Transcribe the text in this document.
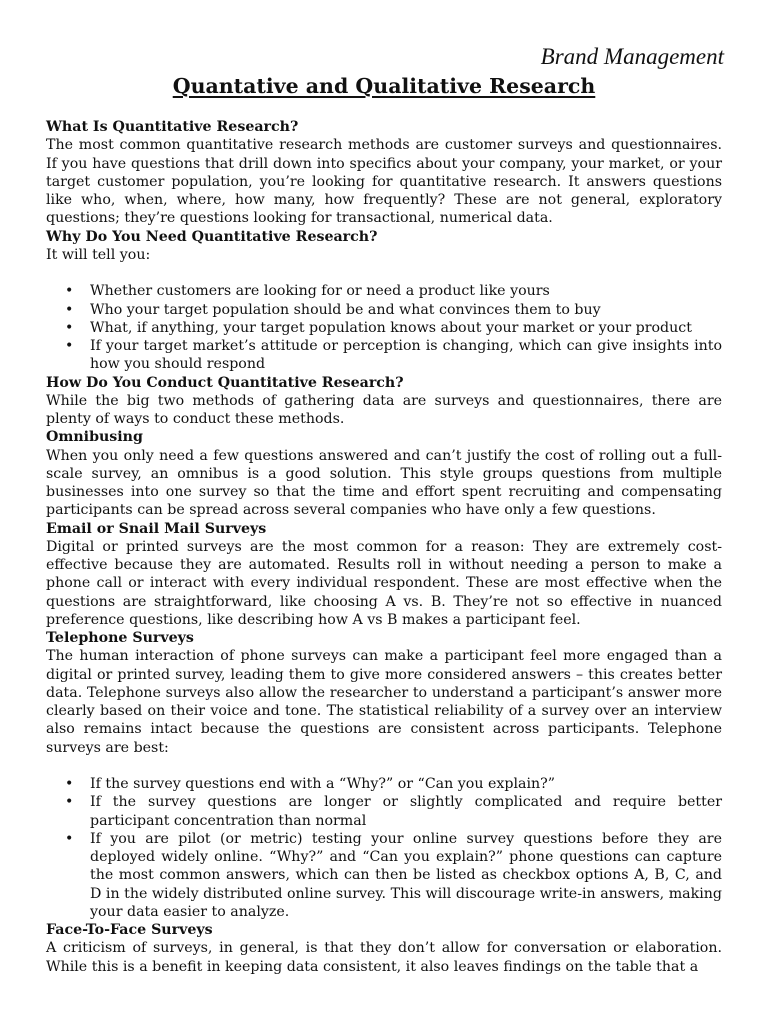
Brand Management
Quantative and Qualitative Research
What Is Quantitative Research?

The most common quantitative research methods are customer surveys and questionnaires. If you have questions that drill down into specifics about your company, your market, or your target customer population, you’re looking for quantitative research. It answers questions like who, when, where, how many, how frequently? These are not general, exploratory questions; they’re questions looking for transactional, numerical data.

Why Do You Need Quantitative Research?

It will tell you:

• Whether customers are looking for or need a product like yours
• Who your target population should be and what convinces them to buy
• What, if anything, your target population knows about your market or your product
• If your target market’s attitude or perception is changing, which can give insights into how you should respond
How Do You Conduct Quantitative Research?

While the big two methods of gathering data are surveys and questionnaires, there are plenty of ways to conduct these methods.

Omnibusing

When you only need a few questions answered and can’t justify the cost of rolling out a full-scale survey, an omnibus is a good solution. This style groups questions from multiple businesses into one survey so that the time and effort spent recruiting and compensating participants can be spread across several companies who have only a few questions.

Email or Snail Mail Surveys

Digital or printed surveys are the most common for a reason: They are extremely cost-effective because they are automated. Results roll in without needing a person to make a phone call or interact with every individual respondent. These are most effective when the questions are straightforward, like choosing A vs. B. They’re not so effective in nuanced preference questions, like describing how A vs B makes a participant feel.

Telephone Surveys

The human interaction of phone surveys can make a participant feel more engaged than a digital or printed survey, leading them to give more considered answers – this creates better data. Telephone surveys also allow the researcher to understand a participant’s answer more clearly based on their voice and tone. The statistical reliability of a survey over an interview also remains intact because the questions are consistent across participants. Telephone surveys are best:

• If the survey questions end with a “Why?” or “Can you explain?”
• If the survey questions are longer or slightly complicated and require better participant concentration than normal
• If you are pilot (or metric) testing your online survey questions before they are deployed widely online. “Why?” and “Can you explain?” phone questions can capture the most common answers, which can then be listed as checkbox options A, B, C, and D in the widely distributed online survey. This will discourage write-in answers, making your data easier to analyze.
Face-To-Face Surveys

A criticism of surveys, in general, is that they don’t allow for conversation or elaboration. While this is a benefit in keeping data consistent, it also leaves findings on the table that a
